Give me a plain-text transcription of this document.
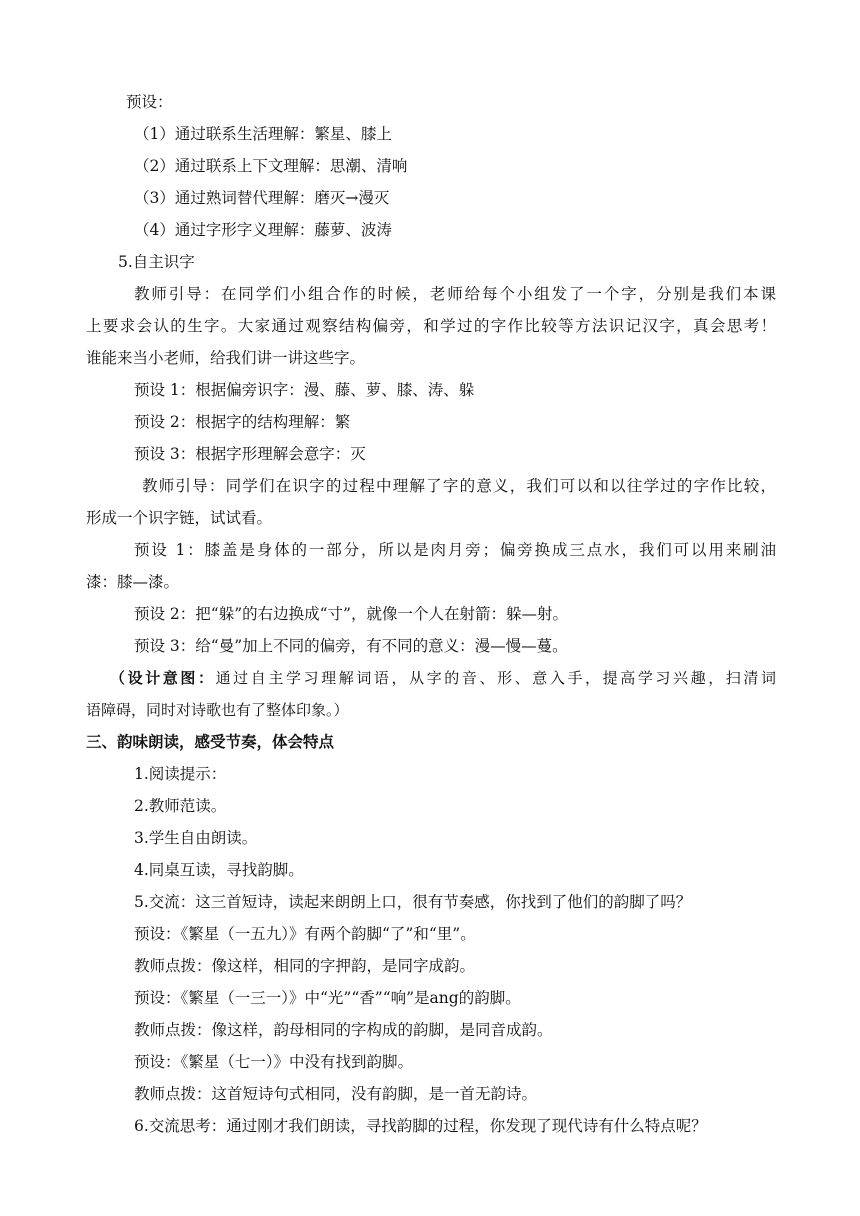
预设：
（1）通过联系生活理解：繁星、膝上
（2）通过联系上下文理解：思潮、清响
（3）通过熟词替代理解：磨灭→漫灭
（4）通过字形字义理解：藤萝、波涛
5.自主识字
教师引导：在同学们小组合作的时候，老师给每个小组发了一个字，分别是我们本课
上要求会认的生字。大家通过观察结构偏旁，和学过的字作比较等方法识记汉字，真会思考！
谁能来当小老师，给我们讲一讲这些字。
预设 1：根据偏旁识字：漫、藤、萝、膝、涛、躲
预设 2：根据字的结构理解：繁
预设 3：根据字形理解会意字：灭
教师引导：同学们在识字的过程中理解了字的意义，我们可以和以往学过的字作比较，
形成一个识字链，试试看。
预设 1：膝盖是身体的一部分，所以是肉月旁；偏旁换成三点水，我们可以用来刷油
漆：膝—漆。
预设 2：把“躲”的右边换成“寸”，就像一个人在射箭：躲—射。
预设 3：给“曼”加上不同的偏旁，有不同的意义：漫—慢—蔓。
（设计意图：通过自主学习理解词语，从字的音、形、意入手，提高学习兴趣，扫清词
语障碍，同时对诗歌也有了整体印象。）
三、韵味朗读，感受节奏，体会特点
1.阅读提示：
2.教师范读。
3.学生自由朗读。
4.同桌互读，寻找韵脚。
5.交流：这三首短诗，读起来朗朗上口，很有节奏感，你找到了他们的韵脚了吗？
预设：《繁星（一五九）》有两个韵脚“了”和“里”。
教师点拨：像这样，相同的字押韵，是同字成韵。
预设：《繁星（一三一）》中“光”“香”“响”是ang的韵脚。
教师点拨：像这样，韵母相同的字构成的韵脚，是同音成韵。
预设：《繁星（七一）》中没有找到韵脚。
教师点拨：这首短诗句式相同，没有韵脚，是一首无韵诗。
6.交流思考：通过刚才我们朗读，寻找韵脚的过程，你发现了现代诗有什么特点呢？
